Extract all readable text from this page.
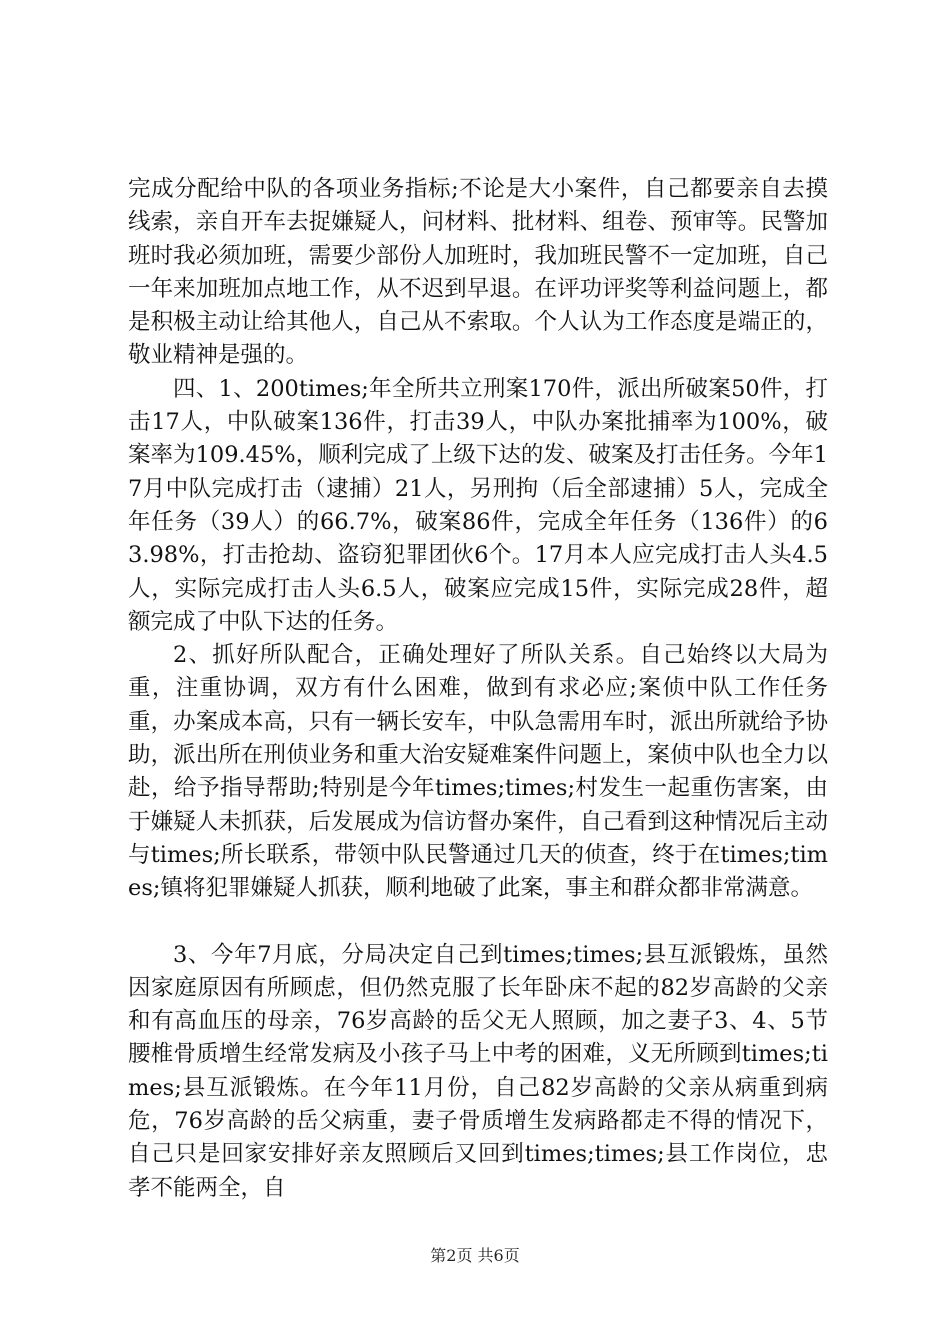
完成分配给中队的各项业务指标;不论是大小案件，自己都要亲自去摸线索，亲自开车去捉嫌疑人，问材料、批材料、组卷、预审等。民警加班时我必须加班，需要少部份人加班时，我加班民警不一定加班，自己一年来加班加点地工作，从不迟到早退。在评功评奖等利益问题上，都是积极主动让给其他人，自己从不索取。个人认为工作态度是端正的，敬业精神是强的。

四、1、200times;年全所共立刑案170件，派出所破案50件，打击17人，中队破案136件，打击39人，中队办案批捕率为100%，破案率为109.45%，顺利完成了上级下达的发、破案及打击任务。今年17月中队完成打击（逮捕）21人，另刑拘（后全部逮捕）5人，完成全年任务（39人）的66.7%，破案86件，完成全年任务（136件）的63.98%，打击抢劫、盗窃犯罪团伙6个。17月本人应完成打击人头4.5人，实际完成打击人头6.5人，破案应完成15件，实际完成28件，超额完成了中队下达的任务。

2、抓好所队配合，正确处理好了所队关系。自己始终以大局为重，注重协调，双方有什么困难，做到有求必应;案侦中队工作任务重，办案成本高，只有一辆长安车，中队急需用车时，派出所就给予协助，派出所在刑侦业务和重大治安疑难案件问题上，案侦中队也全力以赴，给予指导帮助;特别是今年times;times;村发生一起重伤害案，由于嫌疑人未抓获，后发展成为信访督办案件，自己看到这种情况后主动与times;所长联系，带领中队民警通过几天的侦查，终于在times;times;镇将犯罪嫌疑人抓获，顺利地破了此案，事主和群众都非常满意。

3、今年7月底，分局决定自己到times;times;县互派锻炼，虽然因家庭原因有所顾虑，但仍然克服了长年卧床不起的82岁高龄的父亲和有高血压的母亲，76岁高龄的岳父无人照顾，加之妻子3、4、5节腰椎骨质增生经常发病及小孩子马上中考的困难，义无所顾到times;times;县互派锻炼。在今年11月份，自己82岁高龄的父亲从病重到病危，76岁高龄的岳父病重，妻子骨质增生发病路都走不得的情况下，自己只是回家安排好亲友照顾后又回到times;times;县工作岗位，忠孝不能两全，自

第2页 共6页
